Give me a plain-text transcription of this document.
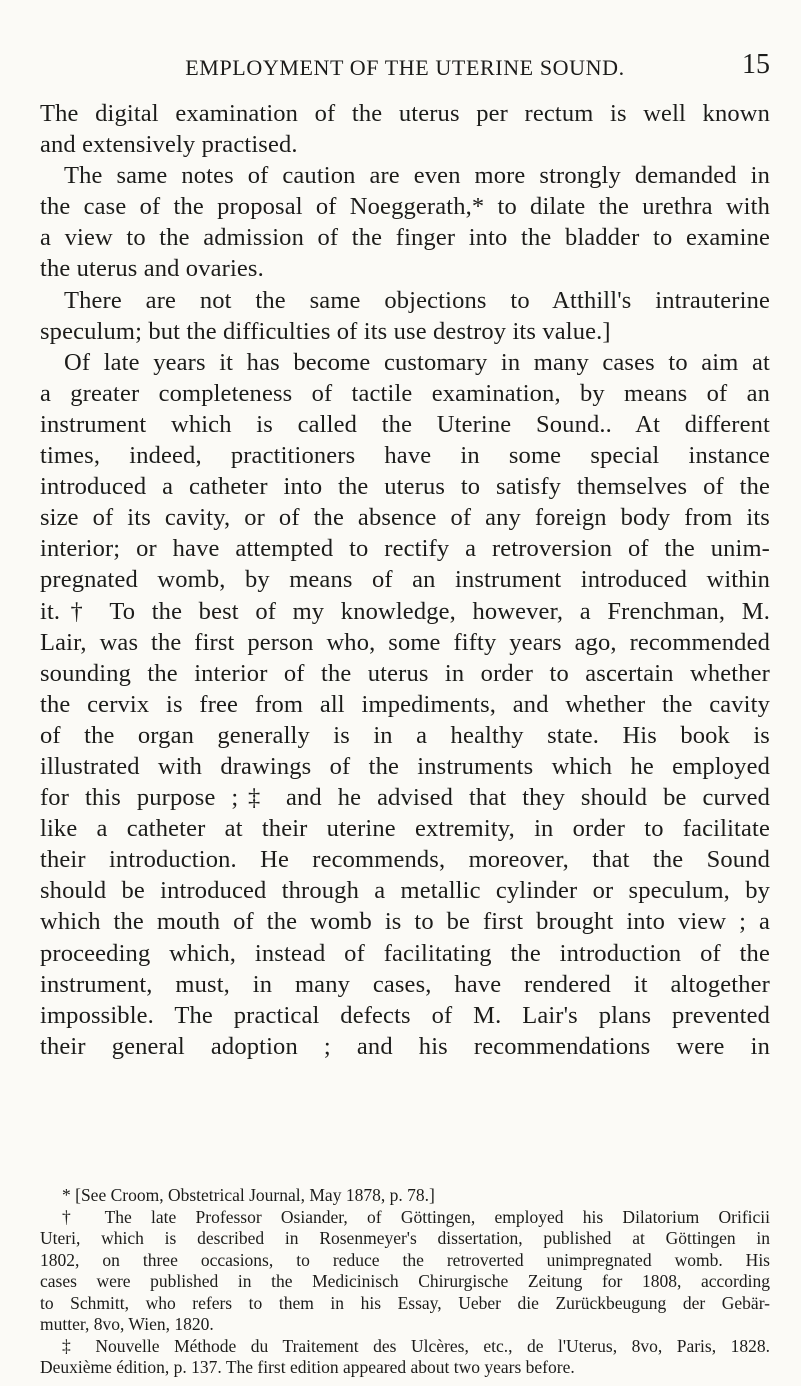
EMPLOYMENT OF THE UTERINE SOUND.	15
The digital examination of the uterus per rectum is well known
and extensively practised.
The same notes of caution are even more strongly demanded in
the case of the proposal of Noeggerath,* to dilate the urethra with
a view to the admission of the finger into the bladder to examine
the uterus and ovaries.
There are not the same objections to Atthill's intrauterine
speculum; but the difficulties of its use destroy its value.]
Of late years it has become customary in many cases to aim at
a greater completeness of tactile examination, by means of an
instrument which is called the Uterine Sound.. At different
times, indeed, practitioners have in some special instance
introduced a catheter into the uterus to satisfy themselves of the
size of its cavity, or of the absence of any foreign body from its
interior; or have attempted to rectify a retroversion of the unim-
pregnated womb, by means of an instrument introduced within
it.† To the best of my knowledge, however, a Frenchman, M.
Lair, was the first person who, some fifty years ago, recommended
sounding the interior of the uterus in order to ascertain whether
the cervix is free from all impediments, and whether the cavity
of the organ generally is in a healthy state. His book is
illustrated with drawings of the instruments which he employed
for this purpose ;‡ and he advised that they should be curved
like a catheter at their uterine extremity, in order to facilitate
their introduction. He recommends, moreover, that the Sound
should be introduced through a metallic cylinder or speculum, by
which the mouth of the womb is to be first brought into view ; a
proceeding which, instead of facilitating the introduction of the
instrument, must, in many cases, have rendered it altogether
impossible. The practical defects of M. Lair's plans prevented
their general adoption ; and his recommendations were in
* [See Croom, Obstetrical Journal, May 1878, p. 78.]
† The late Professor Osiander, of Göttingen, employed his Dilatorium Orificii
Uteri, which is described in Rosenmeyer's dissertation, published at Göttingen in
1802, on three occasions, to reduce the retroverted unimpregnated womb. His
cases were published in the Medicinisch Chirurgische Zeitung for 1808, according
to Schmitt, who refers to them in his Essay, Ueber die Zurückbeugung der Gebär-
mutter, 8vo, Wien, 1820.
‡ Nouvelle Méthode du Traitement des Ulcères, etc., de l'Uterus, 8vo, Paris, 1828.
Deuxième édition, p. 137. The first edition appeared about two years before.
